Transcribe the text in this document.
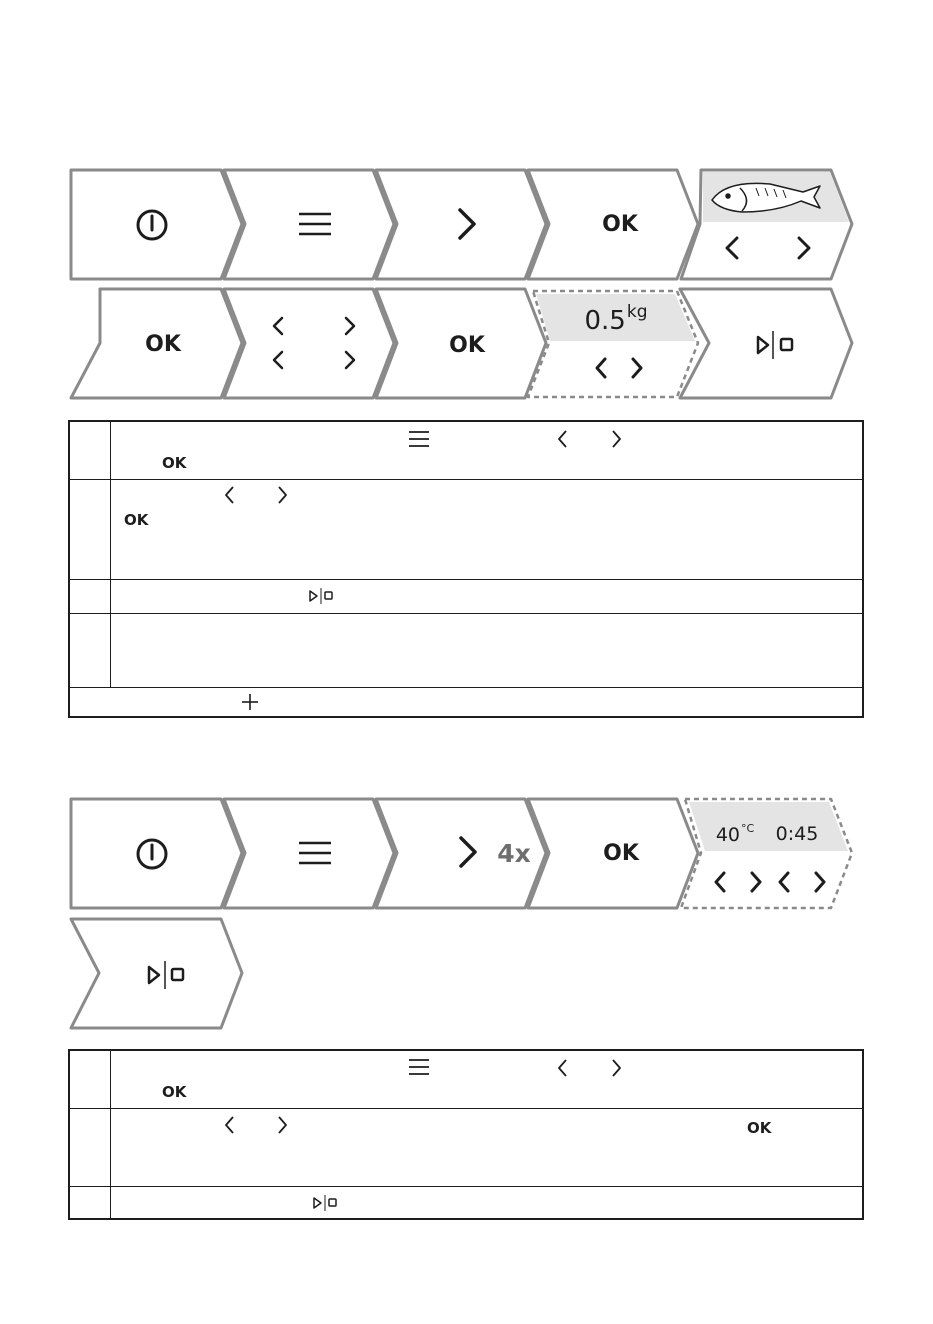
OK
OK	OK
$0.5^{kg}$
4x	OK
$40^{^\circ C}$ 0:45
OK
OK
OK
OK
